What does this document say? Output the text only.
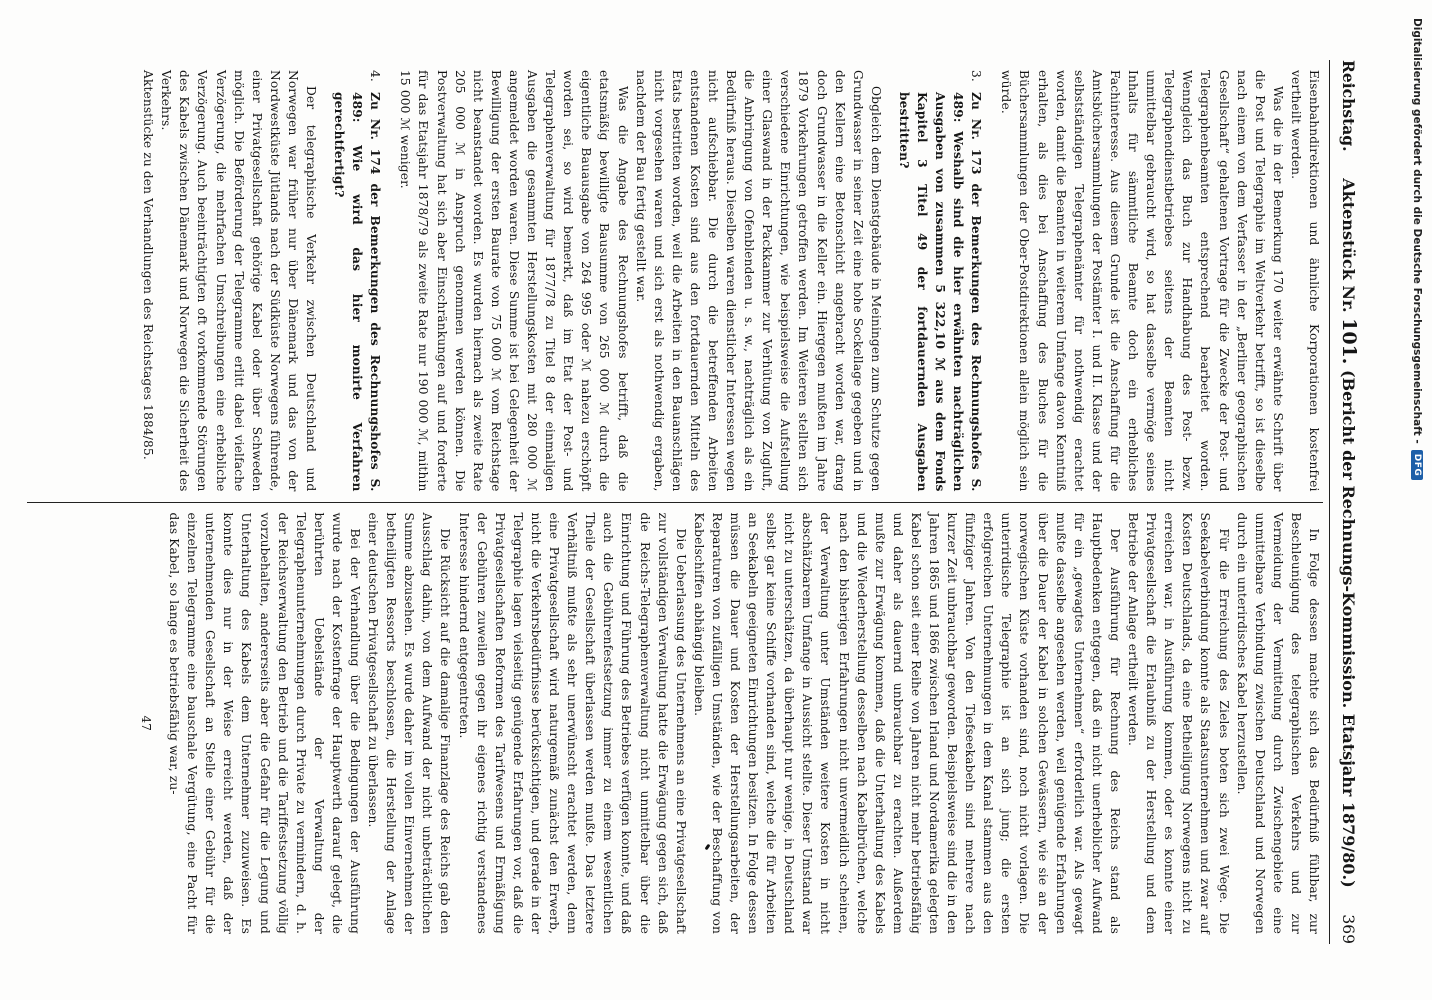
Reichstag.
Aktenstück Nr. 101. (Bericht der Rechnungs-Kommission. Etatsjahr 1879/80.)
369

Eisenbahndirektionen und ähnliche Korporationen kostenfrei vertheilt werden.

Was die in der Bemerkung 170 weiter erwähnte Schrift über die Post und Telegraphie im Weltverkehr betrifft, so ist dieselbe nach einem von dem Verfasser in der „Berliner geographischen Gesellschaft“ gehaltenen Vortrage für die Zwecke der Post- und Telegraphenbeamten entsprechend bearbeitet worden. Wenngleich das Buch zur Handhabung des Post- bezw. Telegraphendienstbetriebes seitens der Beamten nicht unmittelbar gebraucht wird, so hat dasselbe vermöge seines Inhalts für sämmtliche Beamte doch ein erhebliches Fachinteresse. Aus diesem Grunde ist die Anschaffung für die Amtsbüchersammlungen der Postämter I. und II. Klasse und der selbstständigen Telegraphenämter für nothwendig erachtet worden, damit die Beamten in weiterem Umfange davon Kenntniß erhalten, als dies bei Anschaffung des Buches für die Büchersammlungen der Ober-Postdirektionen allein möglich sein würde.

3.Zu Nr. 173 der Bemerkungen des Rechnungshofes S. 489: Weshalb sind die hier erwähnten nachträglichen Ausgaben von zusammen 5 322,10 ℳ aus dem Fonds Kapitel 3 Titel 49 der fortdauernden Ausgaben bestritten?

Obgleich dem Dienstgebäude in Meiningen zum Schutze gegen Grundwasser in seiner Zeit eine hohe Sockellage gegeben und in den Kellern eine Betonschicht angebracht worden war, drang doch Grundwasser in die Keller ein. Hiergegen mußten im Jahre 1879 Vorkehrungen getroffen werden. Im Weiteren stellten sich verschiedene Einrichtungen, wie beispielsweise die Aufstellung einer Glaswand in der Packkammer zur Verhütung von Zugluft, die Anbringung von Ofenblenden u. s. w., nachträglich als ein Bedürfniß heraus. Dieselben waren dienstlicher Interessen wegen nicht aufschiebbar. Die durch die betreffenden Arbeiten entstandenen Kosten sind aus den fortdauernden Mitteln des Etats bestritten worden, weil die Arbeiten in den Bauanschlägen nicht vorgesehen waren und sich erst als nothwendig ergaben, nachdem der Bau fertig gestellt war.

Was die Angabe des Rechnungshofes betrifft, daß die etatsmäßig bewilligte Bausumme von 265 000 ℳ durch die eigentliche Bauausgabe von 264 995 oder ℳ nahezu erschöpft worden sei, so wird bemerkt, daß im Etat der Post- und Telegraphenverwaltung für 1877/78 zu Titel 8 der einmaligen Ausgaben die gesammten Herstellungskosten mit 280 000 ℳ angemeldet worden waren. Diese Summe ist bei Gelegenheit der Bewilligung der ersten Baurate von 75 000 ℳ vom Reichstage nicht beanstandet worden. Es wurden hiernach als zweite Rate 205 000 ℳ in Anspruch genommen werden können. Die Postverwaltung hat sich aber Einschränkungen auf und forderte für das Etatsjahr 1878/79 als zweite Rate nur 190 000 ℳ, mithin 15 000 ℳ weniger.

4.Zu Nr. 174 der Bemerkungen des Rechnungshofes S. 489: Wie wird das hier monirte Verfahren gerechtfertigt?

Der telegraphische Verkehr zwischen Deutschland und Norwegen war früher nur über Dänemark und das von der Nordwestküste Jütlands nach der Südküste Norwegens führende, einer Privatgesellschaft gehörige Kabel oder über Schweden möglich. Die Beförderung der Telegramme erlitt dabei vielfache Verzögerung, die mehrfachen Umschreibungen eine erhebliche Verzögerung. Auch beeinträchtigten oft vorkommende Störungen des Kabels zwischen Dänemark und Norwegen die Sicherheit des Verkehrs.

Aktenstücke zu den Verhandlungen des Reichstages 1884/85.

In Folge dessen machte sich das Bedürfniß fühlbar, zur Beschleunigung des telegraphischen Verkehrs und zur Vermeidung der Vermittelung durch Zwischengebiete eine unmittelbare Verbindung zwischen Deutschland und Norwegen durch ein unterirdisches Kabel herzustellen.

Für die Erreichung des Zieles boten sich zwei Wege. Die Seekabelverbindung konnte als Staatsunternehmen und zwar auf Kosten Deutschlands, da eine Betheiligung Norwegens nicht zu erreichen war, in Ausführung kommen, oder es konnte einer Privatgesellschaft die Erlaubniß zu der Herstellung und dem Betriebe der Anlage ertheilt werden.

Der Ausführung für Rechnung des Reichs stand als Hauptbedenken entgegen, daß ein nicht unerheblicher Aufwand für ein „gewagtes Unternehmen“ erforderlich war. Als gewagt mußte dasselbe angesehen werden, weil genügende Erfahrungen über die Dauer der Kabel in solchen Gewässern, wie sie an der norwegischen Küste vorhanden sind, noch nicht vorlagen. Die unterirdische Telegraphie ist an sich jung; die ersten erfolgreichen Unternehmungen in dem Kanal stammen aus den fünfziger Jahren. Von den Tiefseekabeln sind mehrere nach kurzer Zeit unbrauchbar geworden. Beispielsweise sind die in den Jahren 1865 und 1866 zwischen Irland und Nordamerika gelegten Kabel schon seit einer Reihe von Jahren nicht mehr betriebsfähig und daher als dauernd unbrauchbar zu erachten. Außerdem mußte zur Erwägung kommen, daß die Unterhaltung des Kabels und die Wiederherstellung desselben nach Kabelbrüchen, welche nach den bisherigen Erfahrungen nicht unvermeidlich scheinen, der Verwaltung unter Umständen weitere Kosten in nicht abschätzbarem Umfange in Aussicht stellte. Dieser Umstand war nicht zu unterschätzen, da überhaupt nur wenige, in Deutschland selbst gar keine Schiffe vorhanden sind, welche die für Arbeiten an Seekabeln geeigneten Einrichtungen besitzen. In Folge dessen müssen die Dauer und Kosten der Herstellungsarbeiten, der Reparaturen von zufälligen Umständen, wie der Beschaffung von Kabelschiffen abhängig bleiben.

Die Ueberlassung des Unternehmens an eine Privatgesellschaft zur vollständigen Verwaltung hatte die Erwägung gegen sich, daß die Reichs-Telegraphenverwaltung nicht unmittelbar über die Einrichtung und Führung des Betriebes verfügen konnte, und daß auch die Gebührenfestsetzung immer zu einem wesentlichen Theile der Gesellschaft überlassen werden mußte. Das letztere Verhältniß mußte als sehr unerwünscht erachtet werden, denn eine Privatgesellschaft wird naturgemäß zunächst den Erwerb, nicht die Verkehrsbedürfnisse berücksichtigen, und gerade in der Telegraphie lagen vielseitig genügende Erfahrungen vor, daß die Privatgesellschaften Reformen des Tarifwesens und Ermäßigung der Gebühren zuweilen gegen ihr eigenes richtig verstandenes Interesse hindernd entgegentreten.

Die Rücksicht auf die damalige Finanzlage des Reichs gab den Ausschlag dahin, von dem Aufwand der nicht unbeträchtlichen Summe abzusehen. Es wurde daher im vollen Einvernehmen der betheiligten Ressorts beschlossen, die Herstellung der Anlage einer deutschen Privatgesellschaft zu überlassen.

Bei der Verhandlung über die Bedingungen der Ausführung wurde nach der Kostenfrage der Hauptwerth darauf gelegt, die berührten Uebelstände der Verwaltung der Telegraphenunternehmungen durch Private zu vermindern, d. h. der Reichsverwaltung den Betrieb und die Tariffestsetzung völlig vorzubehalten, andererseits aber die Gefahr für die Legung und Unterhaltung des Kabels dem Unternehmer zuzuweisen. Es konnte dies nur in der Weise erreicht werden, daß der unternehmenden Gesellschaft an Stelle einer Gebühr für die einzelnen Telegramme eine bauschale Vergütung, eine Pacht für das Kabel, so lange es betriebsfähig war, zu-

47
Digitalisierung gefördert durch die Deutsche Forschungsgemeinschaft -
DFG
